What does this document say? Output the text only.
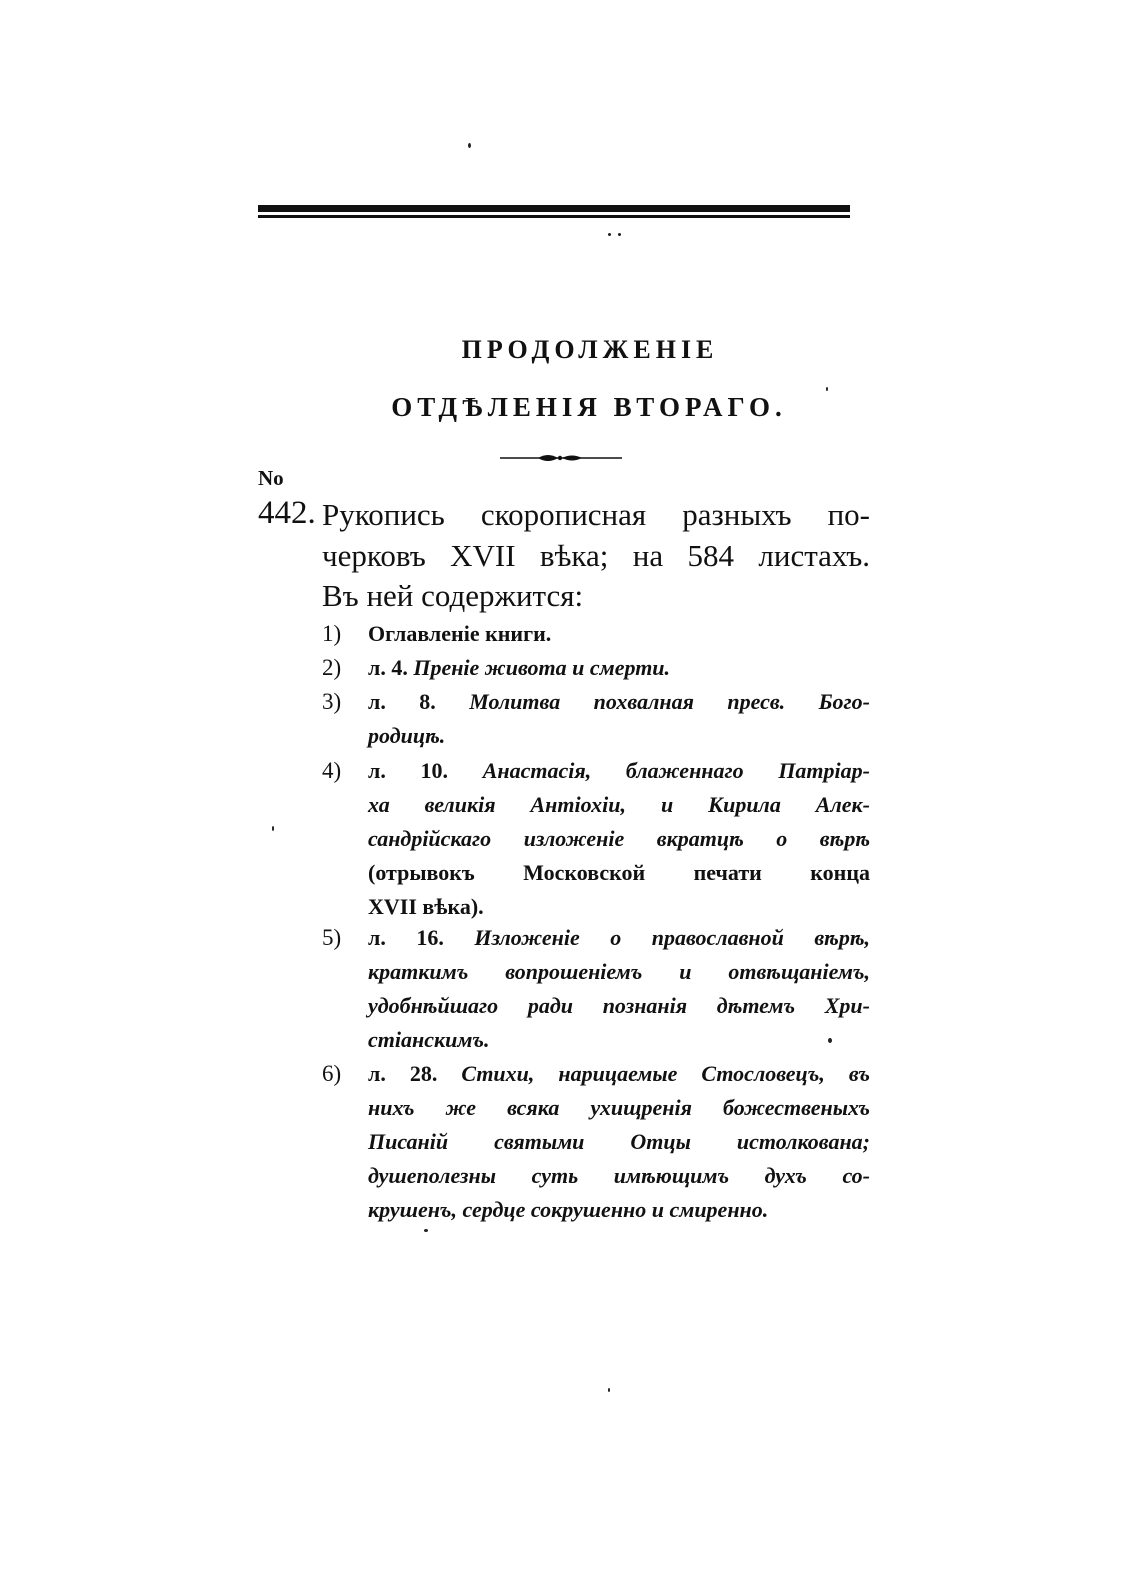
ПРОДОЛЖЕНІЕ
ОТДѢЛЕНІЯ ВТОРАГО.
No
442. Рукопись скорописная разныхъ по-
черковъ XVII вѣка; на 584 листахъ.
Въ ней содержится:
1) Оглавленіе книги.
2) л. 4. Преніе живота и смерти.
3) л. 8. Молитва похвалная пресв. Бого-
родицѣ.
4) л. 10. Анастасія, блаженнаго Патріар-
ха великія Антіохіи, и Кирила Алек-
сандрійскаго изложеніе вкратцѣ о вѣрѣ
(отрывокъ Московской печати конца
XVII вѣка).
5) л. 16. Изложеніе о православной вѣрѣ,
краткимъ вопрошеніемъ и отвѣщаніемъ,
удобнѣйшаго ради познанія дѣтемъ Хри-
стіанскимъ.
6) л. 28. Стихи, нарицаемые Стословецъ, въ
нихъ же всяка ухищренія божественыхъ
Писаній святыми Отцы истолкована;
душеполезны суть имѣющимъ духъ со-
крушенъ, сердце сокрушенно и смиренно.
